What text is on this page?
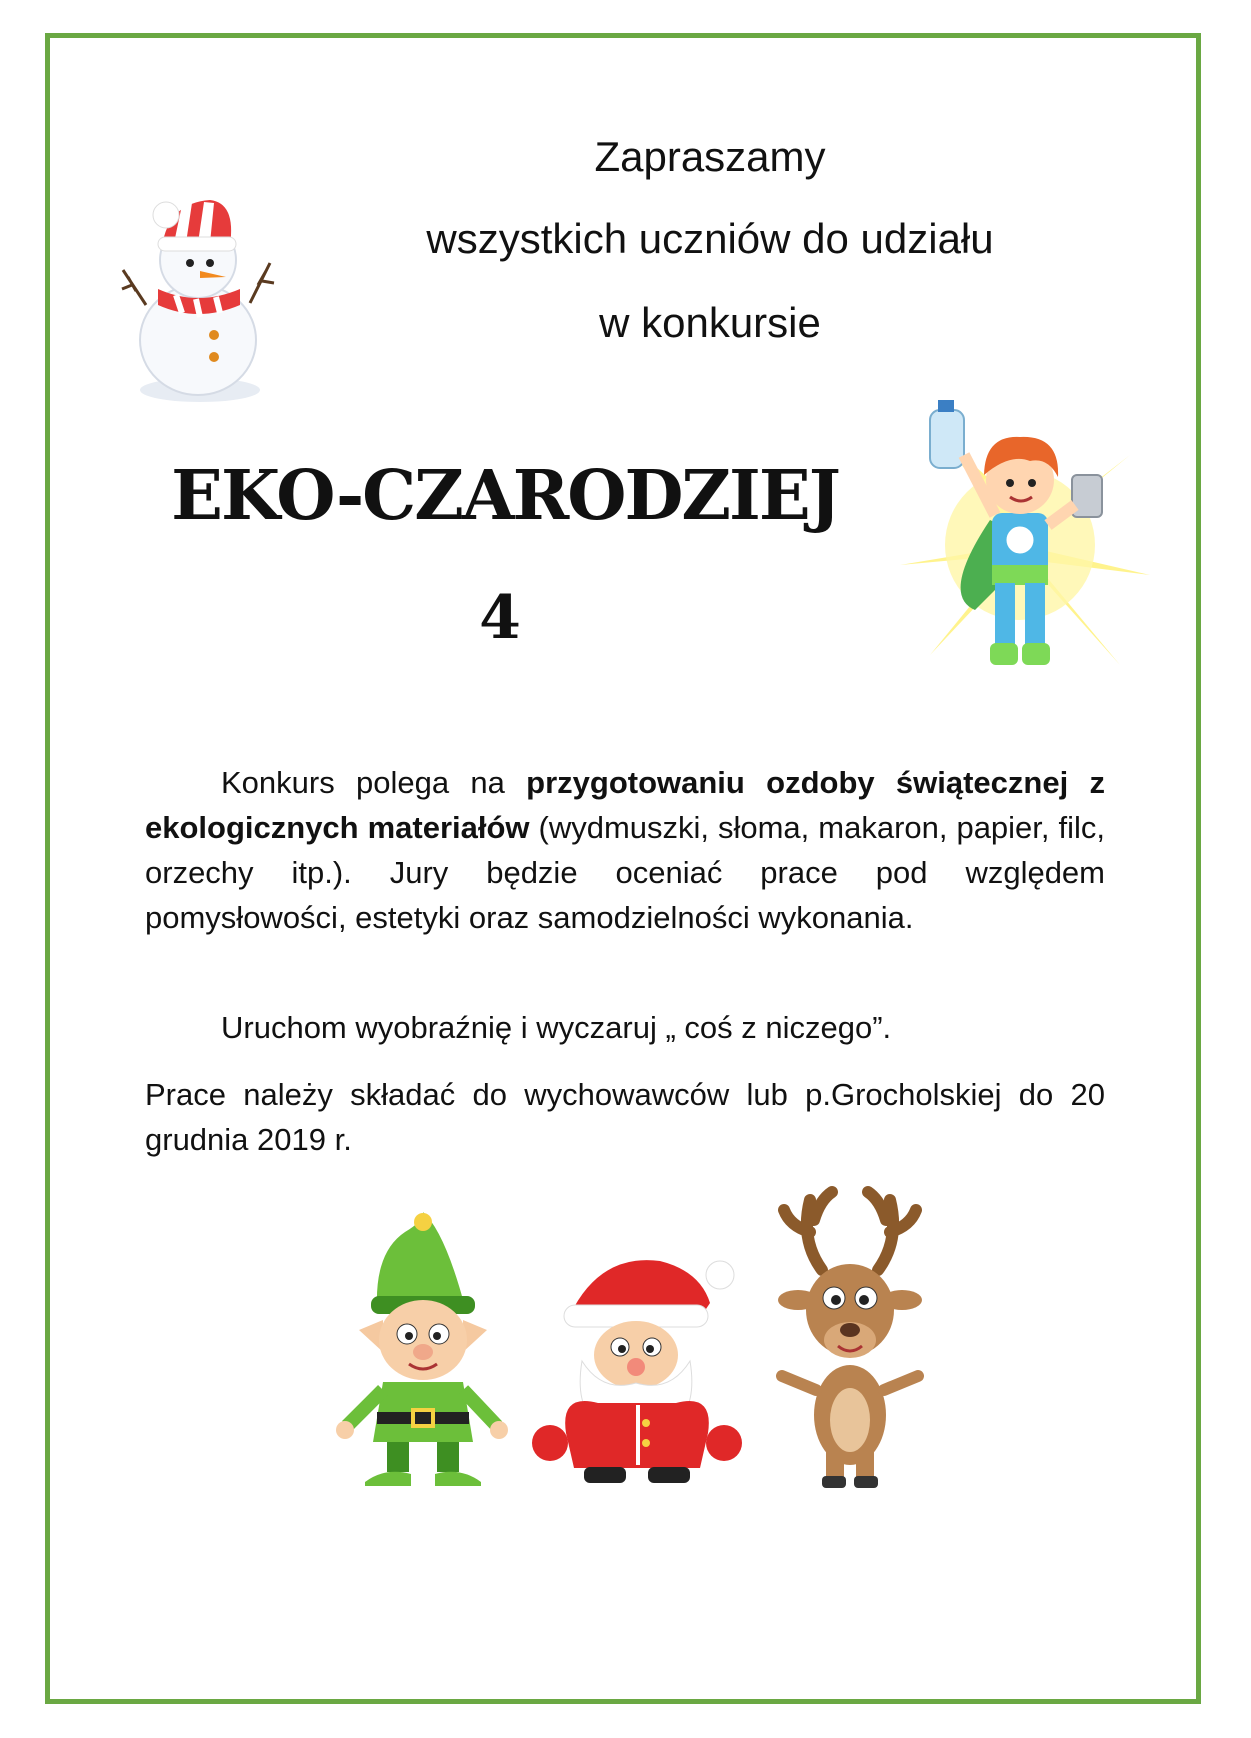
Zapraszamy
wszystkich uczniów do udziału
w konkursie
EKO-CZARODZIEJ
4

Konkurs polega na przygotowaniu ozdoby świątecznej z ekologicznych materiałów (wydmuszki, słoma, makaron, papier, filc, orzechy itp.). Jury będzie oceniać prace pod względem pomysłowości, estetyki oraz samodzielności wykonania.

Uruchom wyobraźnię i wyczaruj „ coś z niczego”.

Prace należy składać do wychowawców lub p.Grocholskiej do 20 grudnia 2019 r.
